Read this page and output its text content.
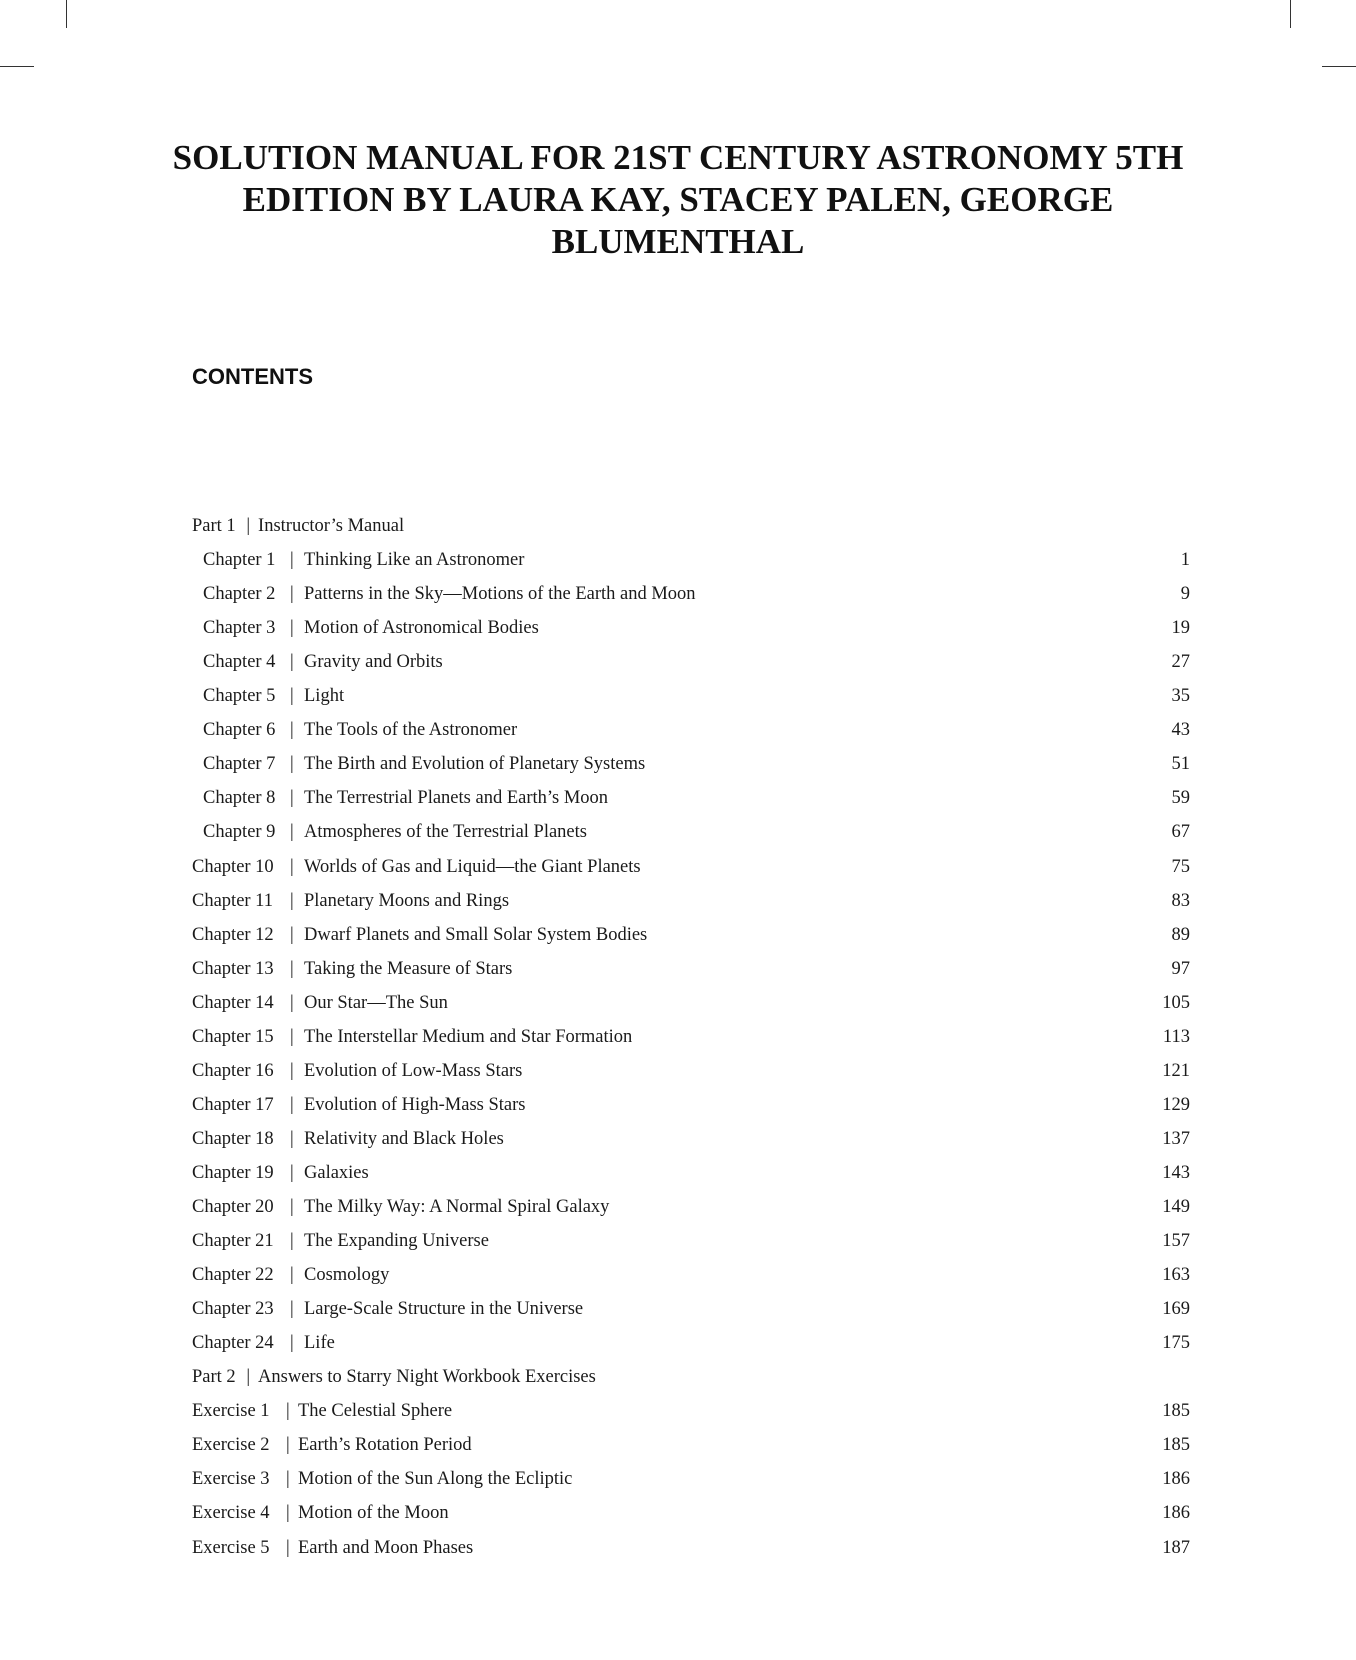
SOLUTION MANUAL FOR 21ST CENTURY ASTRONOMY 5TH EDITION BY LAURA KAY, STACEY PALEN, GEORGE BLUMENTHAL
CONTENTS
Part 1 | Instructor’s Manual
Chapter 1 | Thinking Like an Astronomer	1
Chapter 2 | Patterns in the Sky—Motions of the Earth and Moon	9
Chapter 3 | Motion of Astronomical Bodies	19
Chapter 4 | Gravity and Orbits	27
Chapter 5 | Light	35
Chapter 6 | The Tools of the Astronomer	43
Chapter 7 | The Birth and Evolution of Planetary Systems	51
Chapter 8 | The Terrestrial Planets and Earth’s Moon	59
Chapter 9 | Atmospheres of the Terrestrial Planets	67
Chapter 10 | Worlds of Gas and Liquid—the Giant Planets	75
Chapter 11 | Planetary Moons and Rings	83
Chapter 12 | Dwarf Planets and Small Solar System Bodies	89
Chapter 13 | Taking the Measure of Stars	97
Chapter 14 | Our Star—The Sun	105
Chapter 15 | The Interstellar Medium and Star Formation	113
Chapter 16 | Evolution of Low-Mass Stars	121
Chapter 17 | Evolution of High-Mass Stars	129
Chapter 18 | Relativity and Black Holes	137
Chapter 19 | Galaxies	143
Chapter 20 | The Milky Way: A Normal Spiral Galaxy	149
Chapter 21 | The Expanding Universe	157
Chapter 22 | Cosmology	163
Chapter 23 | Large-Scale Structure in the Universe	169
Chapter 24 | Life	175
Part 2 | Answers to Starry Night Workbook Exercises
Exercise 1 | The Celestial Sphere	185
Exercise 2 | Earth’s Rotation Period	185
Exercise 3 | Motion of the Sun Along the Ecliptic	186
Exercise 4 | Motion of the Moon	186
Exercise 5 | Earth and Moon Phases	187
